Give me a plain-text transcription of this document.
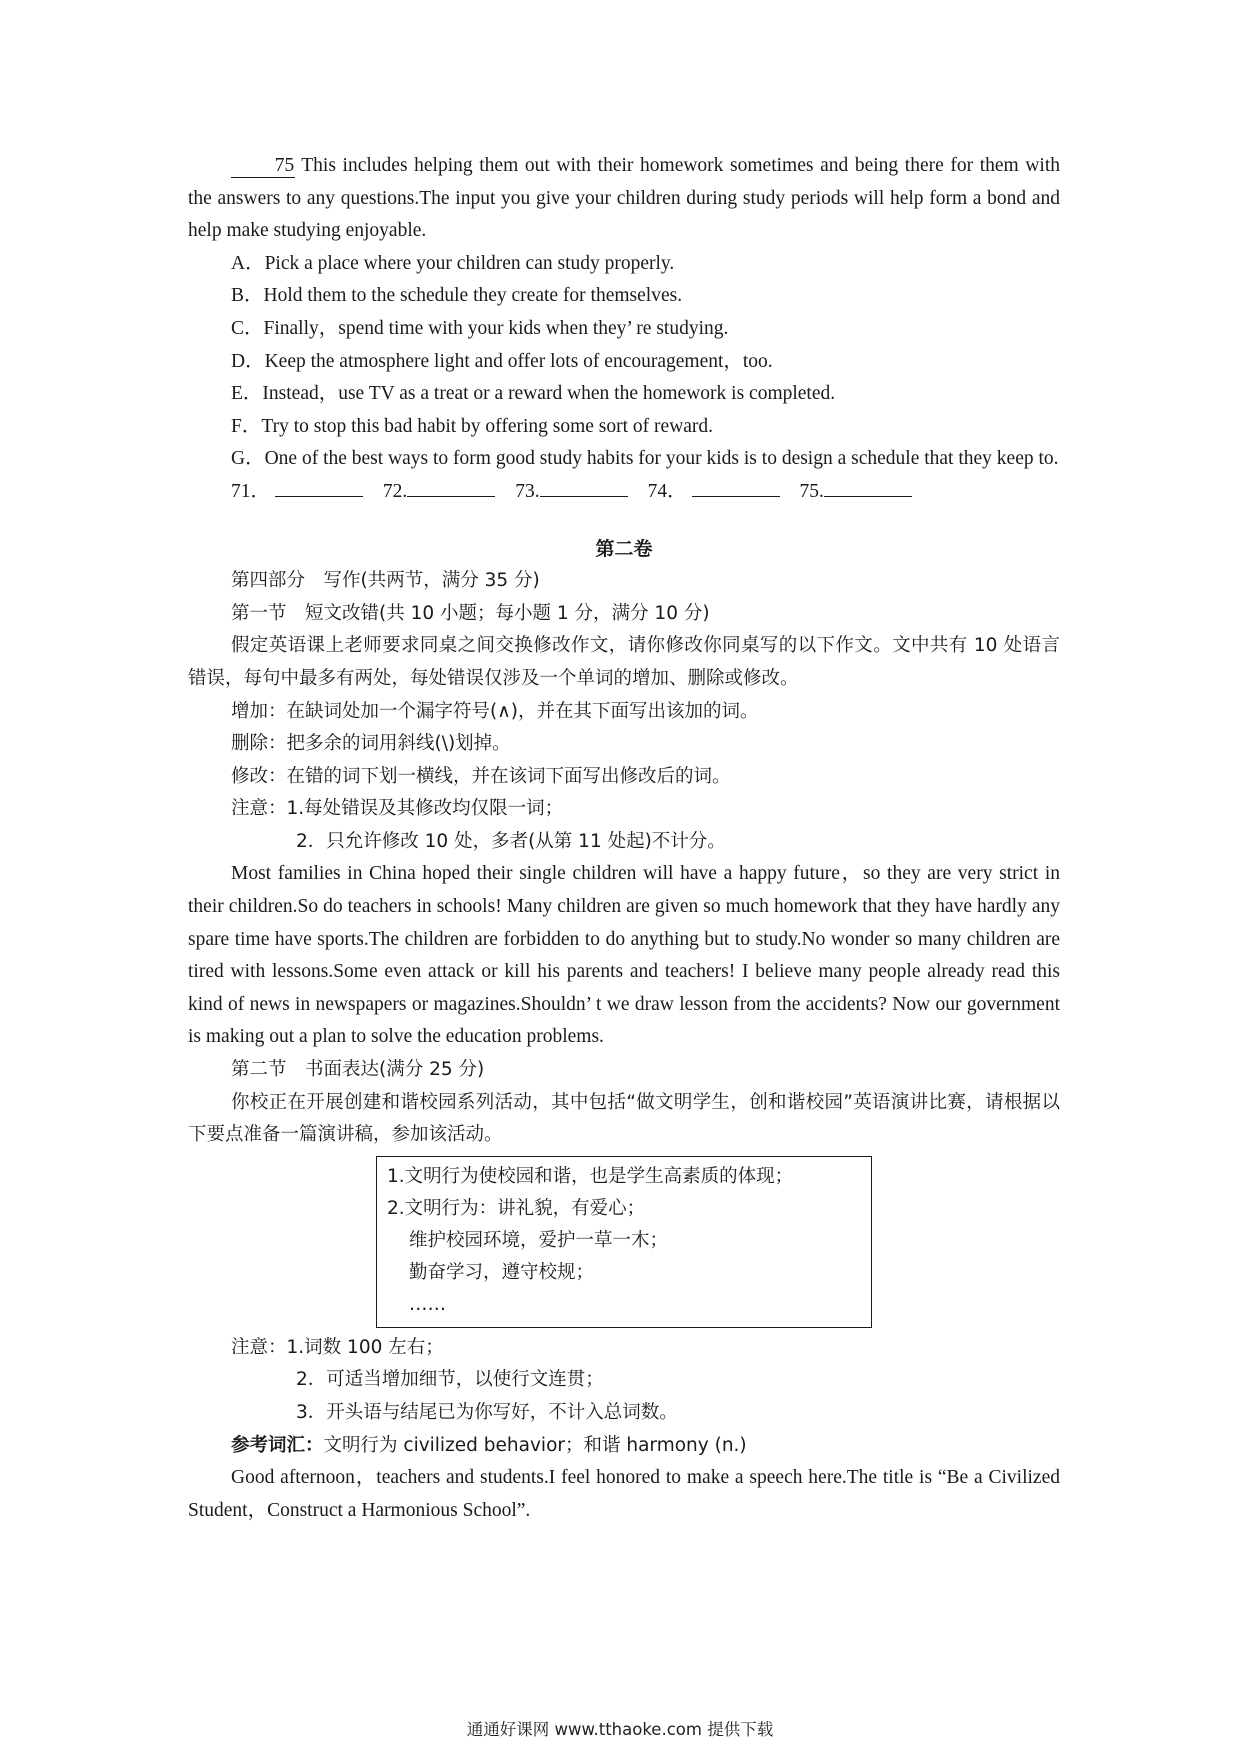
75 This includes helping them out with their homework sometimes and being there for them with the answers to any questions.The input you give your children during study periods will help form a bond and help make studying enjoyable.

A．Pick a place where your children can study properly.

B．Hold them to the schedule they create for themselves.

C．Finally，spend time with your kids when they’ re studying.

D．Keep the atmosphere light and offer lots of encouragement，too.

E．Instead，use TV as a treat or a reward when the homework is completed.

F．Try to stop this bad habit by offering some sort of reward.

G．One of the best ways to form good study habits for your kids is to design a schedule that they keep to.

71．	72.	73.	74．	75.

第二卷

第四部分　写作(共两节，满分 35 分)

第一节　短文改错(共 10 小题；每小题 1 分，满分 10 分)

假定英语课上老师要求同桌之间交换修改作文，请你修改你同桌写的以下作文。文中共有 10 处语言错误，每句中最多有两处，每处错误仅涉及一个单词的增加、删除或修改。

增加：在缺词处加一个漏字符号(∧)，并在其下面写出该加的词。

删除：把多余的词用斜线(\)划掉。

修改：在错的词下划一横线，并在该词下面写出修改后的词。

注意：1.每处错误及其修改均仅限一词；

2．只允许修改 10 处，多者(从第 11 处起)不计分。

Most families in China hoped their single children will have a happy future，so they are very strict in their children.So do teachers in schools! Many children are given so much homework that they have hardly any spare time have sports.The children are forbidden to do anything but to study.No wonder so many children are tired with lessons.Some even attack or kill his parents and teachers! I believe many people already read this kind of news in newspapers or magazines.Shouldn’ t we draw lesson from the accidents? Now our government is making out a plan to solve the education problems.

第二节　书面表达(满分 25 分)

你校正在开展创建和谐校园系列活动，其中包括“做文明学生，创和谐校园”英语演讲比赛，请根据以下要点准备一篇演讲稿，参加该活动。

1.文明行为使校园和谐，也是学生高素质的体现；
2.文明行为：讲礼貌，有爱心；
维护校园环境，爱护一草一木；
勤奋学习，遵守校规；
……

注意：1.词数 100 左右；

2．可适当增加细节，以使行文连贯；

3．开头语与结尾已为你写好，不计入总词数。

参考词汇：文明行为 civilized behavior；和谐 harmony (n.)

Good afternoon，teachers and students.I feel honored to make a speech here.The title is “Be a Civilized Student，Construct a Harmonious School”.

通通好课网 www.tthaoke.com 提供下载
